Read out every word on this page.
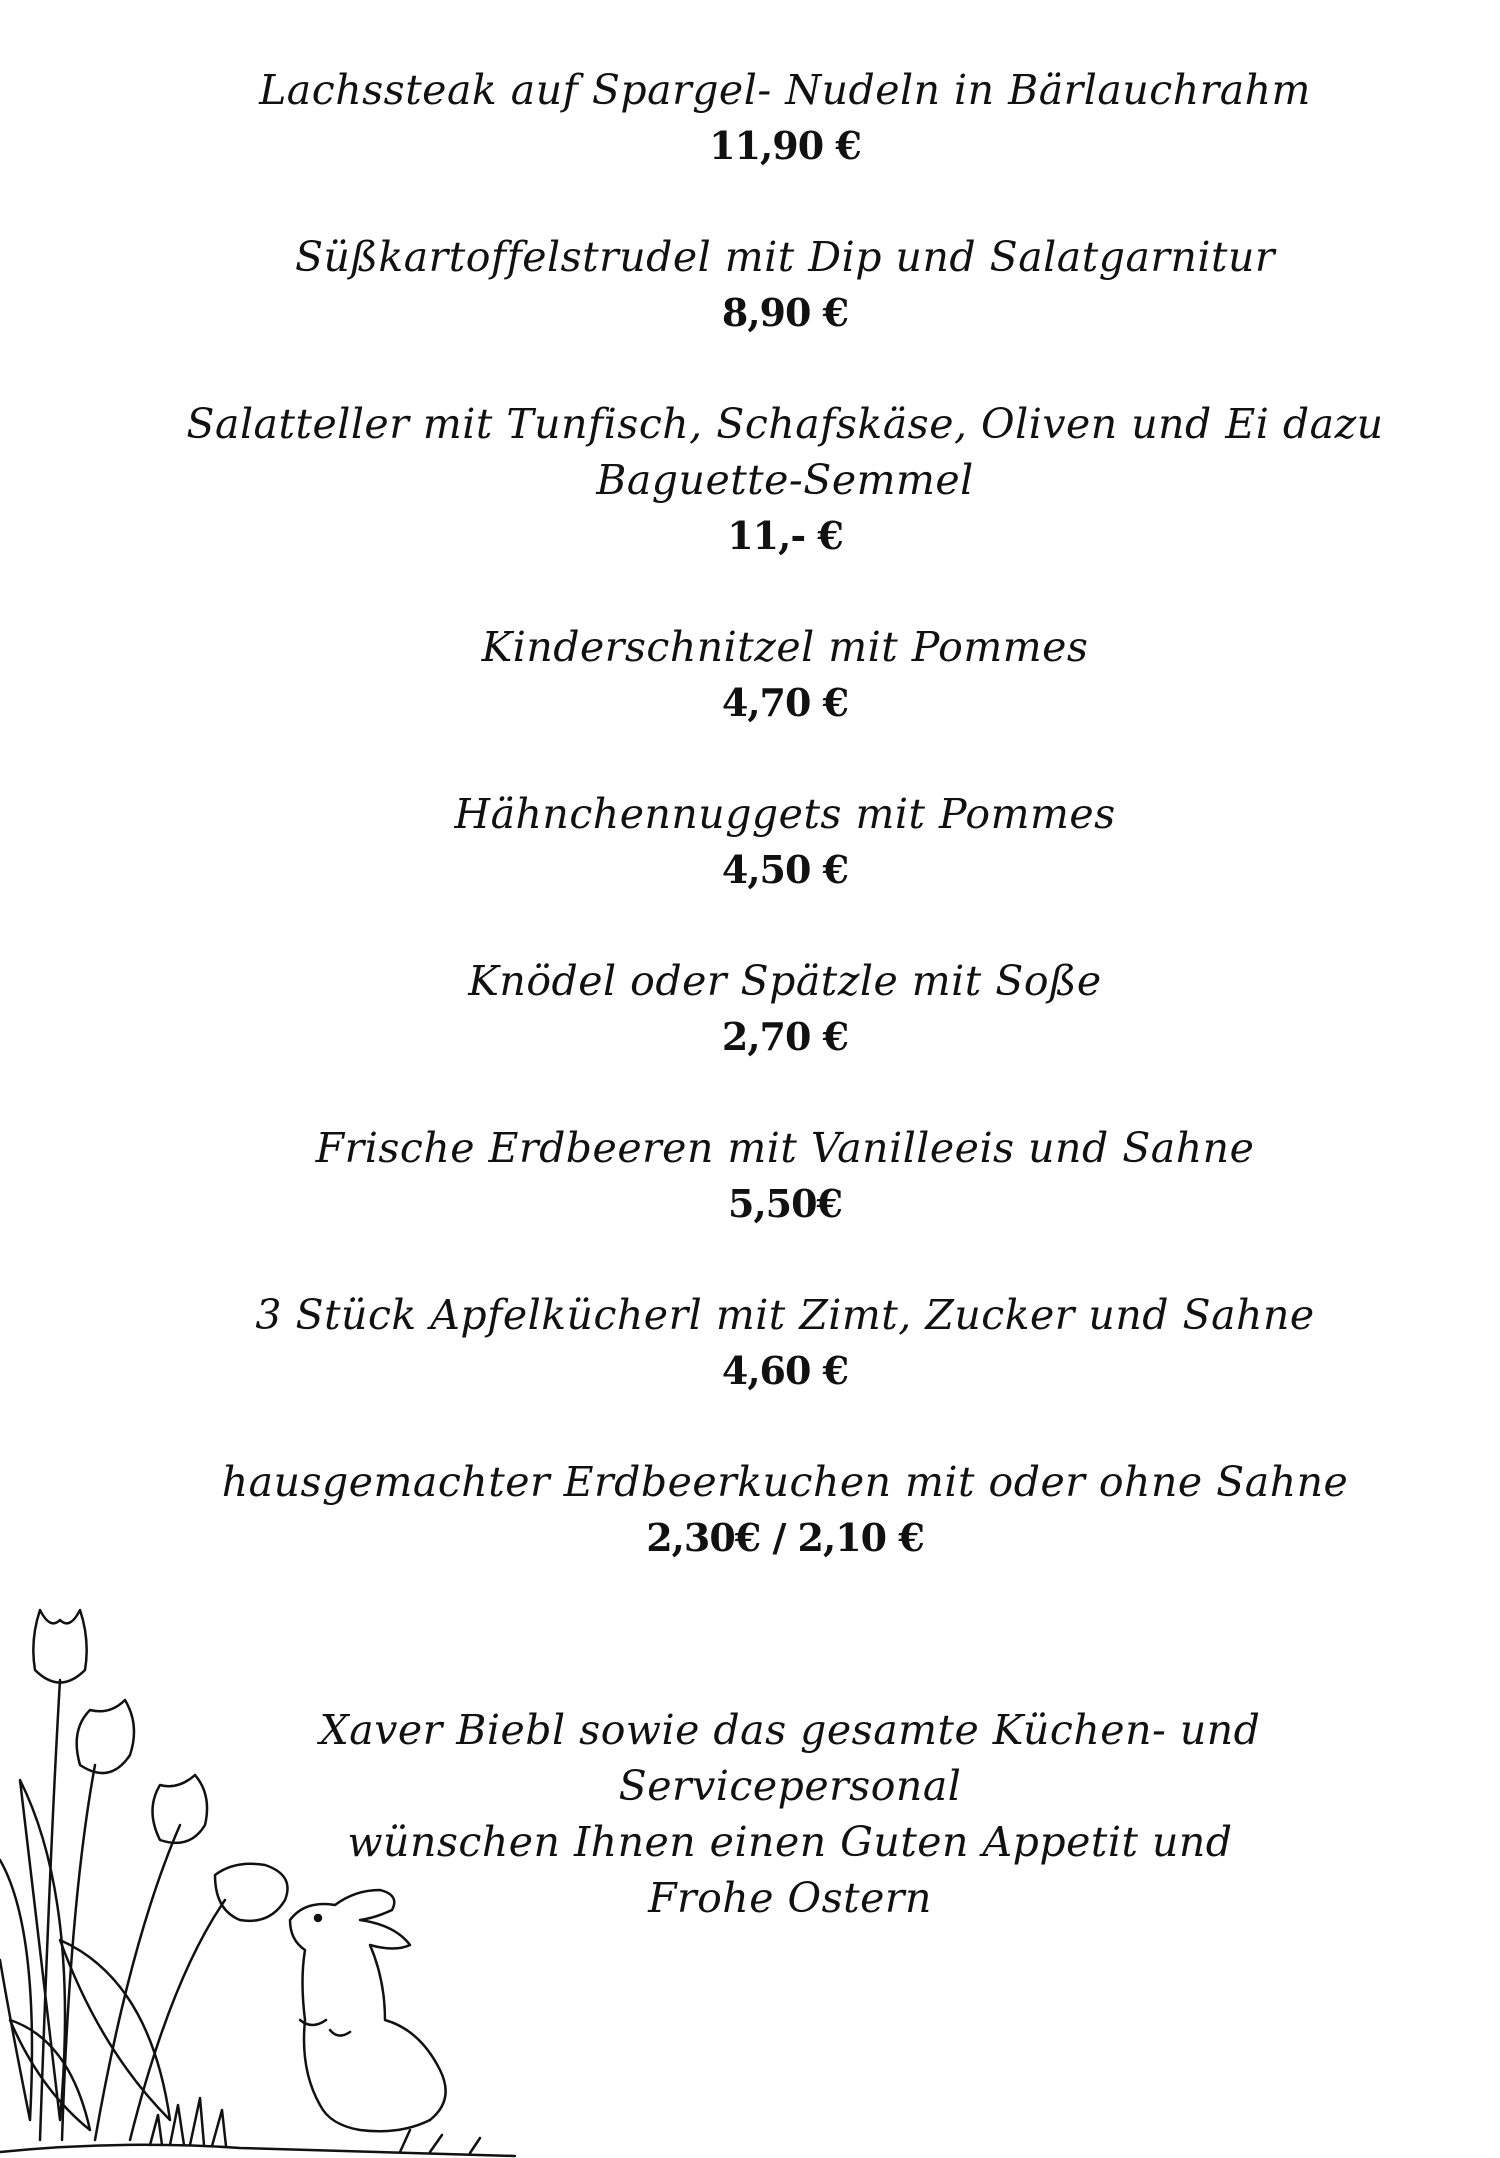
Lachssteak auf Spargel- Nudeln in Bärlauchrahm
11,90 €
Süßkartoffelstrudel mit Dip und Salatgarnitur
8,90 €
Salatteller mit Tunfisch, Schafskäse, Oliven und Ei dazu Baguette-Semmel
11,- €
Kinderschnitzel mit Pommes
4,70 €
Hähnchennuggets mit Pommes
4,50 €
Knödel oder Spätzle mit Soße
2,70 €
Frische Erdbeeren mit Vanilleeis und Sahne
5,50€
3 Stück Apfelkücherl mit Zimt, Zucker und Sahne
4,60 €
hausgemachter Erdbeerkuchen mit oder ohne Sahne
2,30€ / 2,10 €
Xaver Biebl sowie das gesamte Küchen- und Servicepersonal
wünschen Ihnen einen Guten Appetit und
Frohe Ostern
